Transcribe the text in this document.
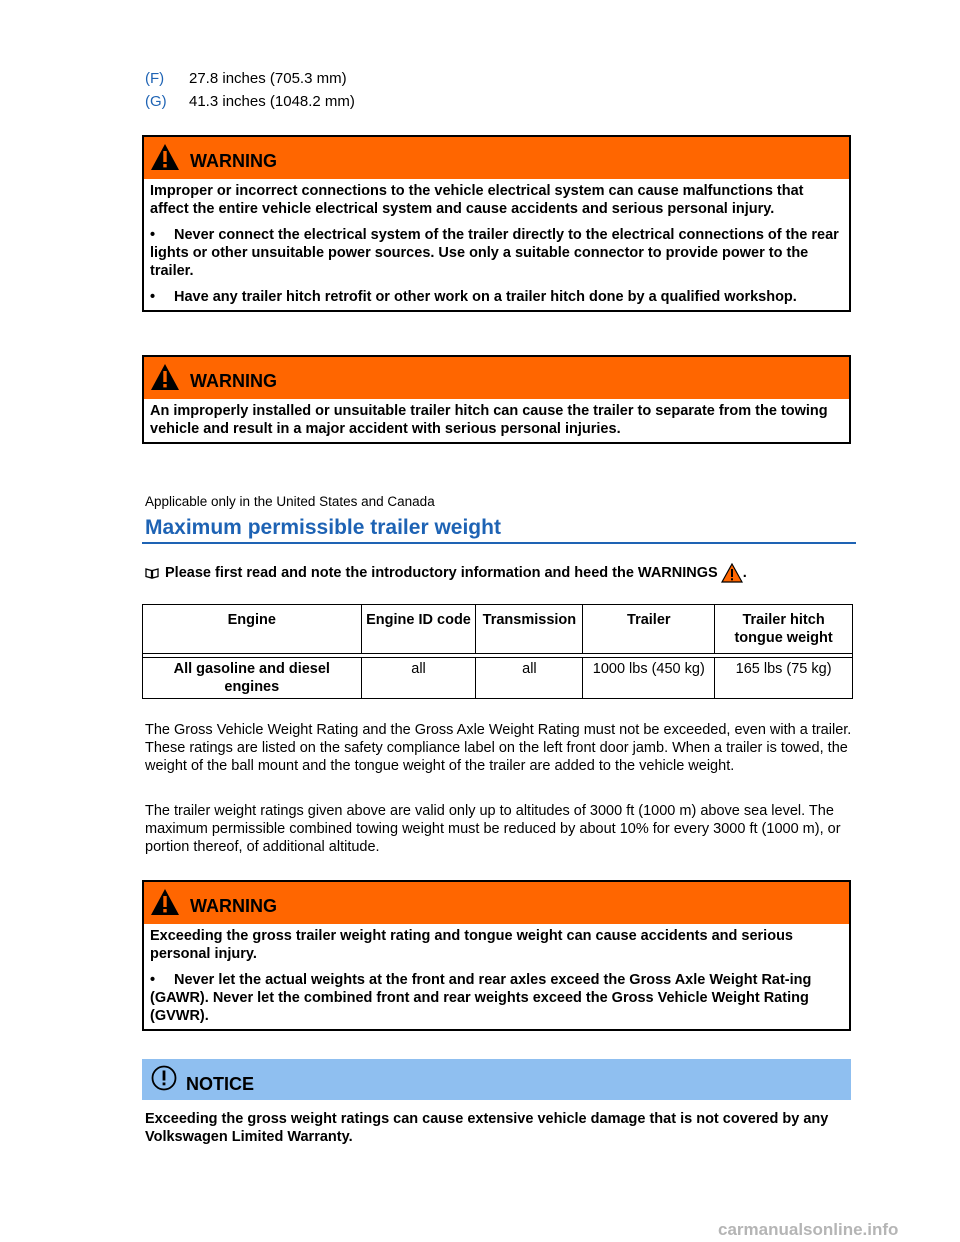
(F) 27.8 inches (705.3 mm)
(G) 41.3 inches (1048.2 mm)
WARNING

Improper or incorrect connections to the vehicle electrical system can cause malfunctions that affect the entire vehicle electrical system and cause accidents and serious personal injury.

• Never connect the electrical system of the trailer directly to the electrical connections of the rear lights or other unsuitable power sources. Use only a suitable connector to provide power to the trailer.

• Have any trailer hitch retrofit or other work on a trailer hitch done by a qualified workshop.

WARNING

An improperly installed or unsuitable trailer hitch can cause the trailer to separate from the towing vehicle and result in a major accident with serious personal injuries.

Applicable only in the United States and Canada
Maximum permissible trailer weight
Please first read and note the introductory information and heed the WARNINGS .
Engine	Engine ID code	Transmission	Trailer	Trailer hitch tongue weight

All gasoline and diesel engines	all	all	1000 lbs (450 kg)	165 lbs (75 kg)

The Gross Vehicle Weight Rating and the Gross Axle Weight Rating must not be exceeded, even with a trailer. These ratings are listed on the safety compliance label on the left front door jamb. When a trailer is towed, the weight of the ball mount and the tongue weight of the trailer are added to the vehicle weight.

The trailer weight ratings given above are valid only up to altitudes of 3000 ft (1000 m) above sea level. The maximum permissible combined towing weight must be reduced by about 10% for every 3000 ft (1000 m), or portion thereof, of additional altitude.

WARNING

Exceeding the gross trailer weight rating and tongue weight can cause accidents and serious personal injury.

• Never let the actual weights at the front and rear axles exceed the Gross Axle Weight Rat-ing (GAWR). Never let the combined front and rear weights exceed the Gross Vehicle Weight Rating (GVWR).

NOTICE
Exceeding the gross weight ratings can cause extensive vehicle damage that is not covered by any Volkswagen Limited Warranty.
carmanualsonline.info
